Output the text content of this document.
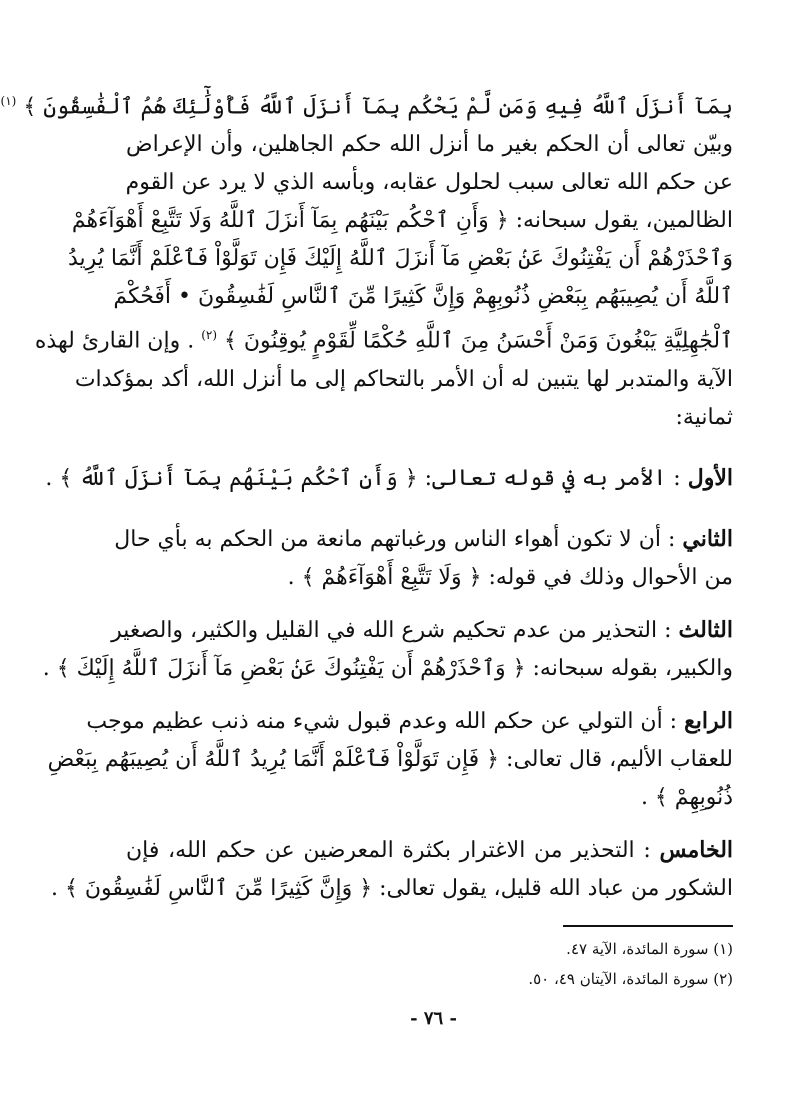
بِمَآ أَنزَلَ ٱللَّهُ فِيهِ وَمَن لَّمْ يَحْكُم بِمَآ أَنزَلَ ٱللَّهُ فَأُوْلَٰٓئِكَ هُمُ ٱلْفَٰسِقُونَ ﴾ $^{(١)}$
وبيّن تعالى أن الحكم بغير ما أنزل الله حكم الجاهلين، وأن الإعراض
عن حكم الله تعالى سبب لحلول عقابه، وبأسه الذي لا يرد عن القوم
الظالمين، يقول سبحانه: ﴿ وَأَنِ ٱحْكُم بَيْنَهُم بِمَآ أَنزَلَ ٱللَّهُ وَلَا تَتَّبِعْ أَهْوَآءَهُمْ
وَٱحْذَرْهُمْ أَن يَفْتِنُوكَ عَنۢ بَعْضِ مَآ أَنزَلَ ٱللَّهُ إِلَيْكَ فَإِن تَوَلَّوْاْ فَٱعْلَمْ أَنَّمَا يُرِيدُ
ٱللَّهُ أَن يُصِيبَهُم بِبَعْضِ ذُنُوبِهِمْ وَإِنَّ كَثِيرًا مِّنَ ٱلنَّاسِ لَفَٰسِقُونَ • أَفَحُكْمَ
ٱلْجَٰهِلِيَّةِ يَبْغُونَ وَمَنْ أَحْسَنُ مِنَ ٱللَّهِ حُكْمًا لِّقَوْمٍ يُوقِنُونَ ﴾ $^{(٢)}$ . وإن القارئ لهذه
الآية والمتدبر لها يتبين له أن الأمر بالتحاكم إلى ما أنزل الله، أكد بمؤكدات
ثمانية:
الأول : الأمر به في قوله تعالى: ﴿ وَأَنِ ٱحْكُم بَيْنَهُم بِمَآ أَنزَلَ ٱللَّهُ ﴾ .
الثاني : أن لا تكون أهواء الناس ورغباتهم مانعة من الحكم به بأي حال
من الأحوال وذلك في قوله: ﴿ وَلَا تَتَّبِعْ أَهْوَآءَهُمْ ﴾ .
الثالث : التحذير من عدم تحكيم شرع الله في القليل والكثير، والصغير
والكبير، بقوله سبحانه: ﴿ وَٱحْذَرْهُمْ أَن يَفْتِنُوكَ عَنۢ بَعْضِ مَآ أَنزَلَ ٱللَّهُ إِلَيْكَ ﴾ .
الرابع : أن التولي عن حكم الله وعدم قبول شيء منه ذنب عظيم موجب
للعقاب الأليم، قال تعالى: ﴿ فَإِن تَوَلَّوْاْ فَٱعْلَمْ أَنَّمَا يُرِيدُ ٱللَّهُ أَن يُصِيبَهُم بِبَعْضِ
ذُنُوبِهِمْ ﴾ .
الخامس : التحذير من الاغترار بكثرة المعرضين عن حكم الله، فإن
الشكور من عباد الله قليل، يقول تعالى: ﴿ وَإِنَّ كَثِيرًا مِّنَ ٱلنَّاسِ لَفَٰسِقُونَ ﴾ .
(١) سورة المائدة، الآية ٤٧.
(٢) سورة المائدة، الآيتان ٤٩، ٥٠.
- ٧٦ -
